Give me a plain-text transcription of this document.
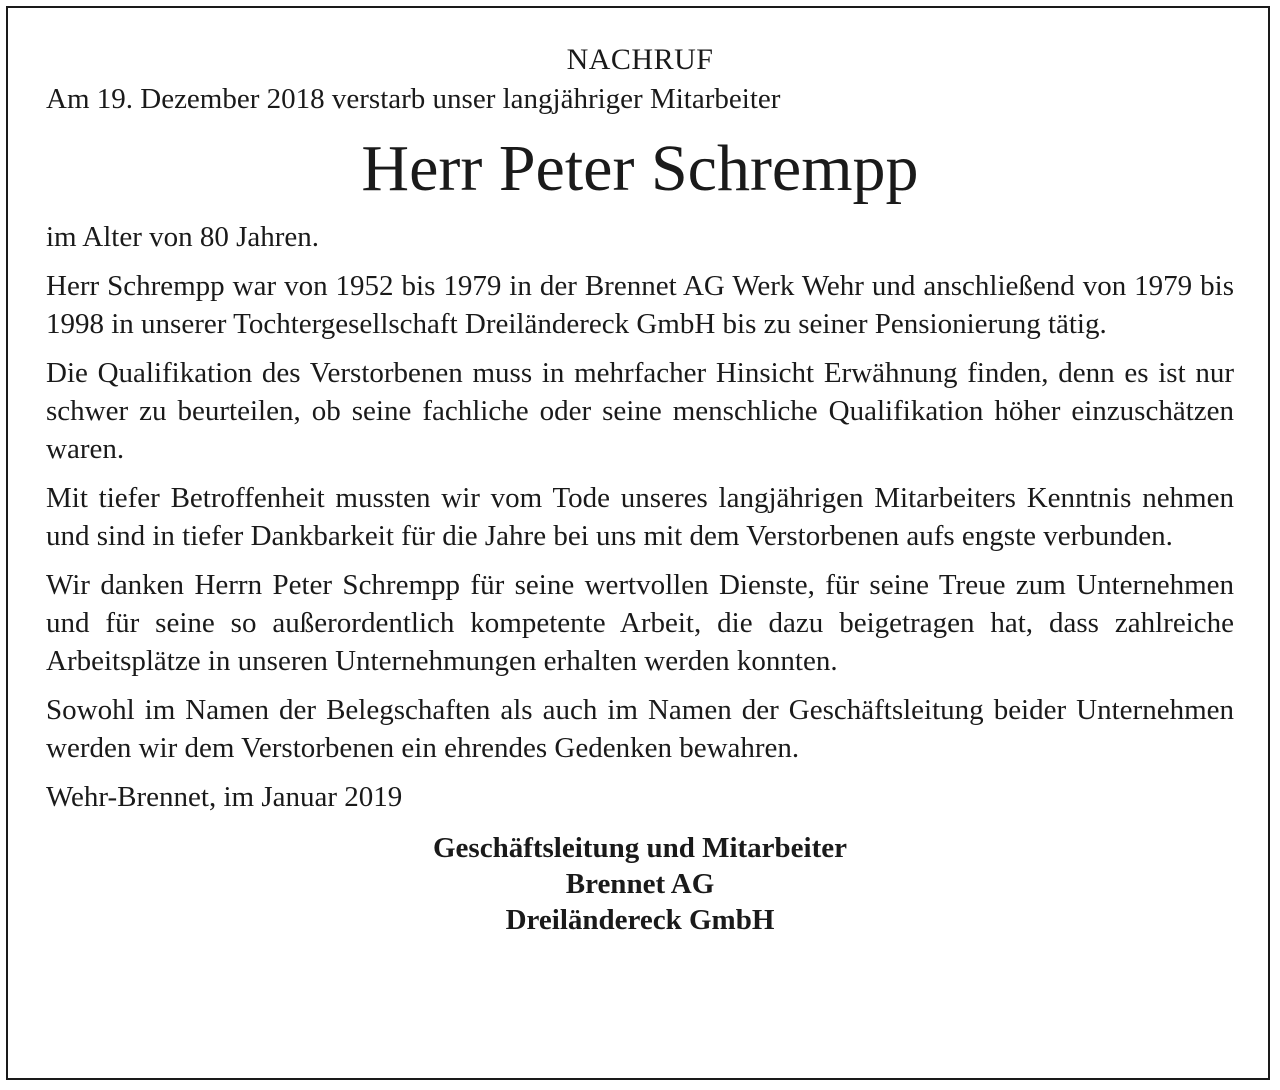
NACHRUF

Am 19. Dezember 2018 verstarb unser langjähriger Mitarbeiter

Herr Peter Schrempp

im Alter von 80 Jahren.

Herr Schrempp war von 1952 bis 1979 in der Brennet AG Werk Wehr und anschließend von 1979 bis 1998 in unserer Tochtergesellschaft Dreiländereck GmbH bis zu seiner Pensionierung tätig.

Die Qualifikation des Verstorbenen muss in mehrfacher Hinsicht Erwähnung finden, denn es ist nur schwer zu beurteilen, ob seine fachliche oder seine menschliche Qualifikation höher einzuschätzen waren.

Mit tiefer Betroffenheit mussten wir vom Tode unseres langjährigen Mitarbeiters Kenntnis nehmen und sind in tiefer Dankbarkeit für die Jahre bei uns mit dem Verstorbenen aufs engste verbunden.

Wir danken Herrn Peter Schrempp für seine wertvollen Dienste, für seine Treue zum Unternehmen und für seine so außerordentlich kompetente Arbeit, die dazu beigetragen hat, dass zahlreiche Arbeitsplätze in unseren Unternehmungen erhalten werden konnten.

Sowohl im Namen der Belegschaften als auch im Namen der Geschäftsleitung beider Unternehmen werden wir dem Verstorbenen ein ehrendes Gedenken bewahren.

Wehr-Brennet, im Januar 2019

Geschäftsleitung und Mitarbeiter

Brennet AG

Dreiländereck GmbH
